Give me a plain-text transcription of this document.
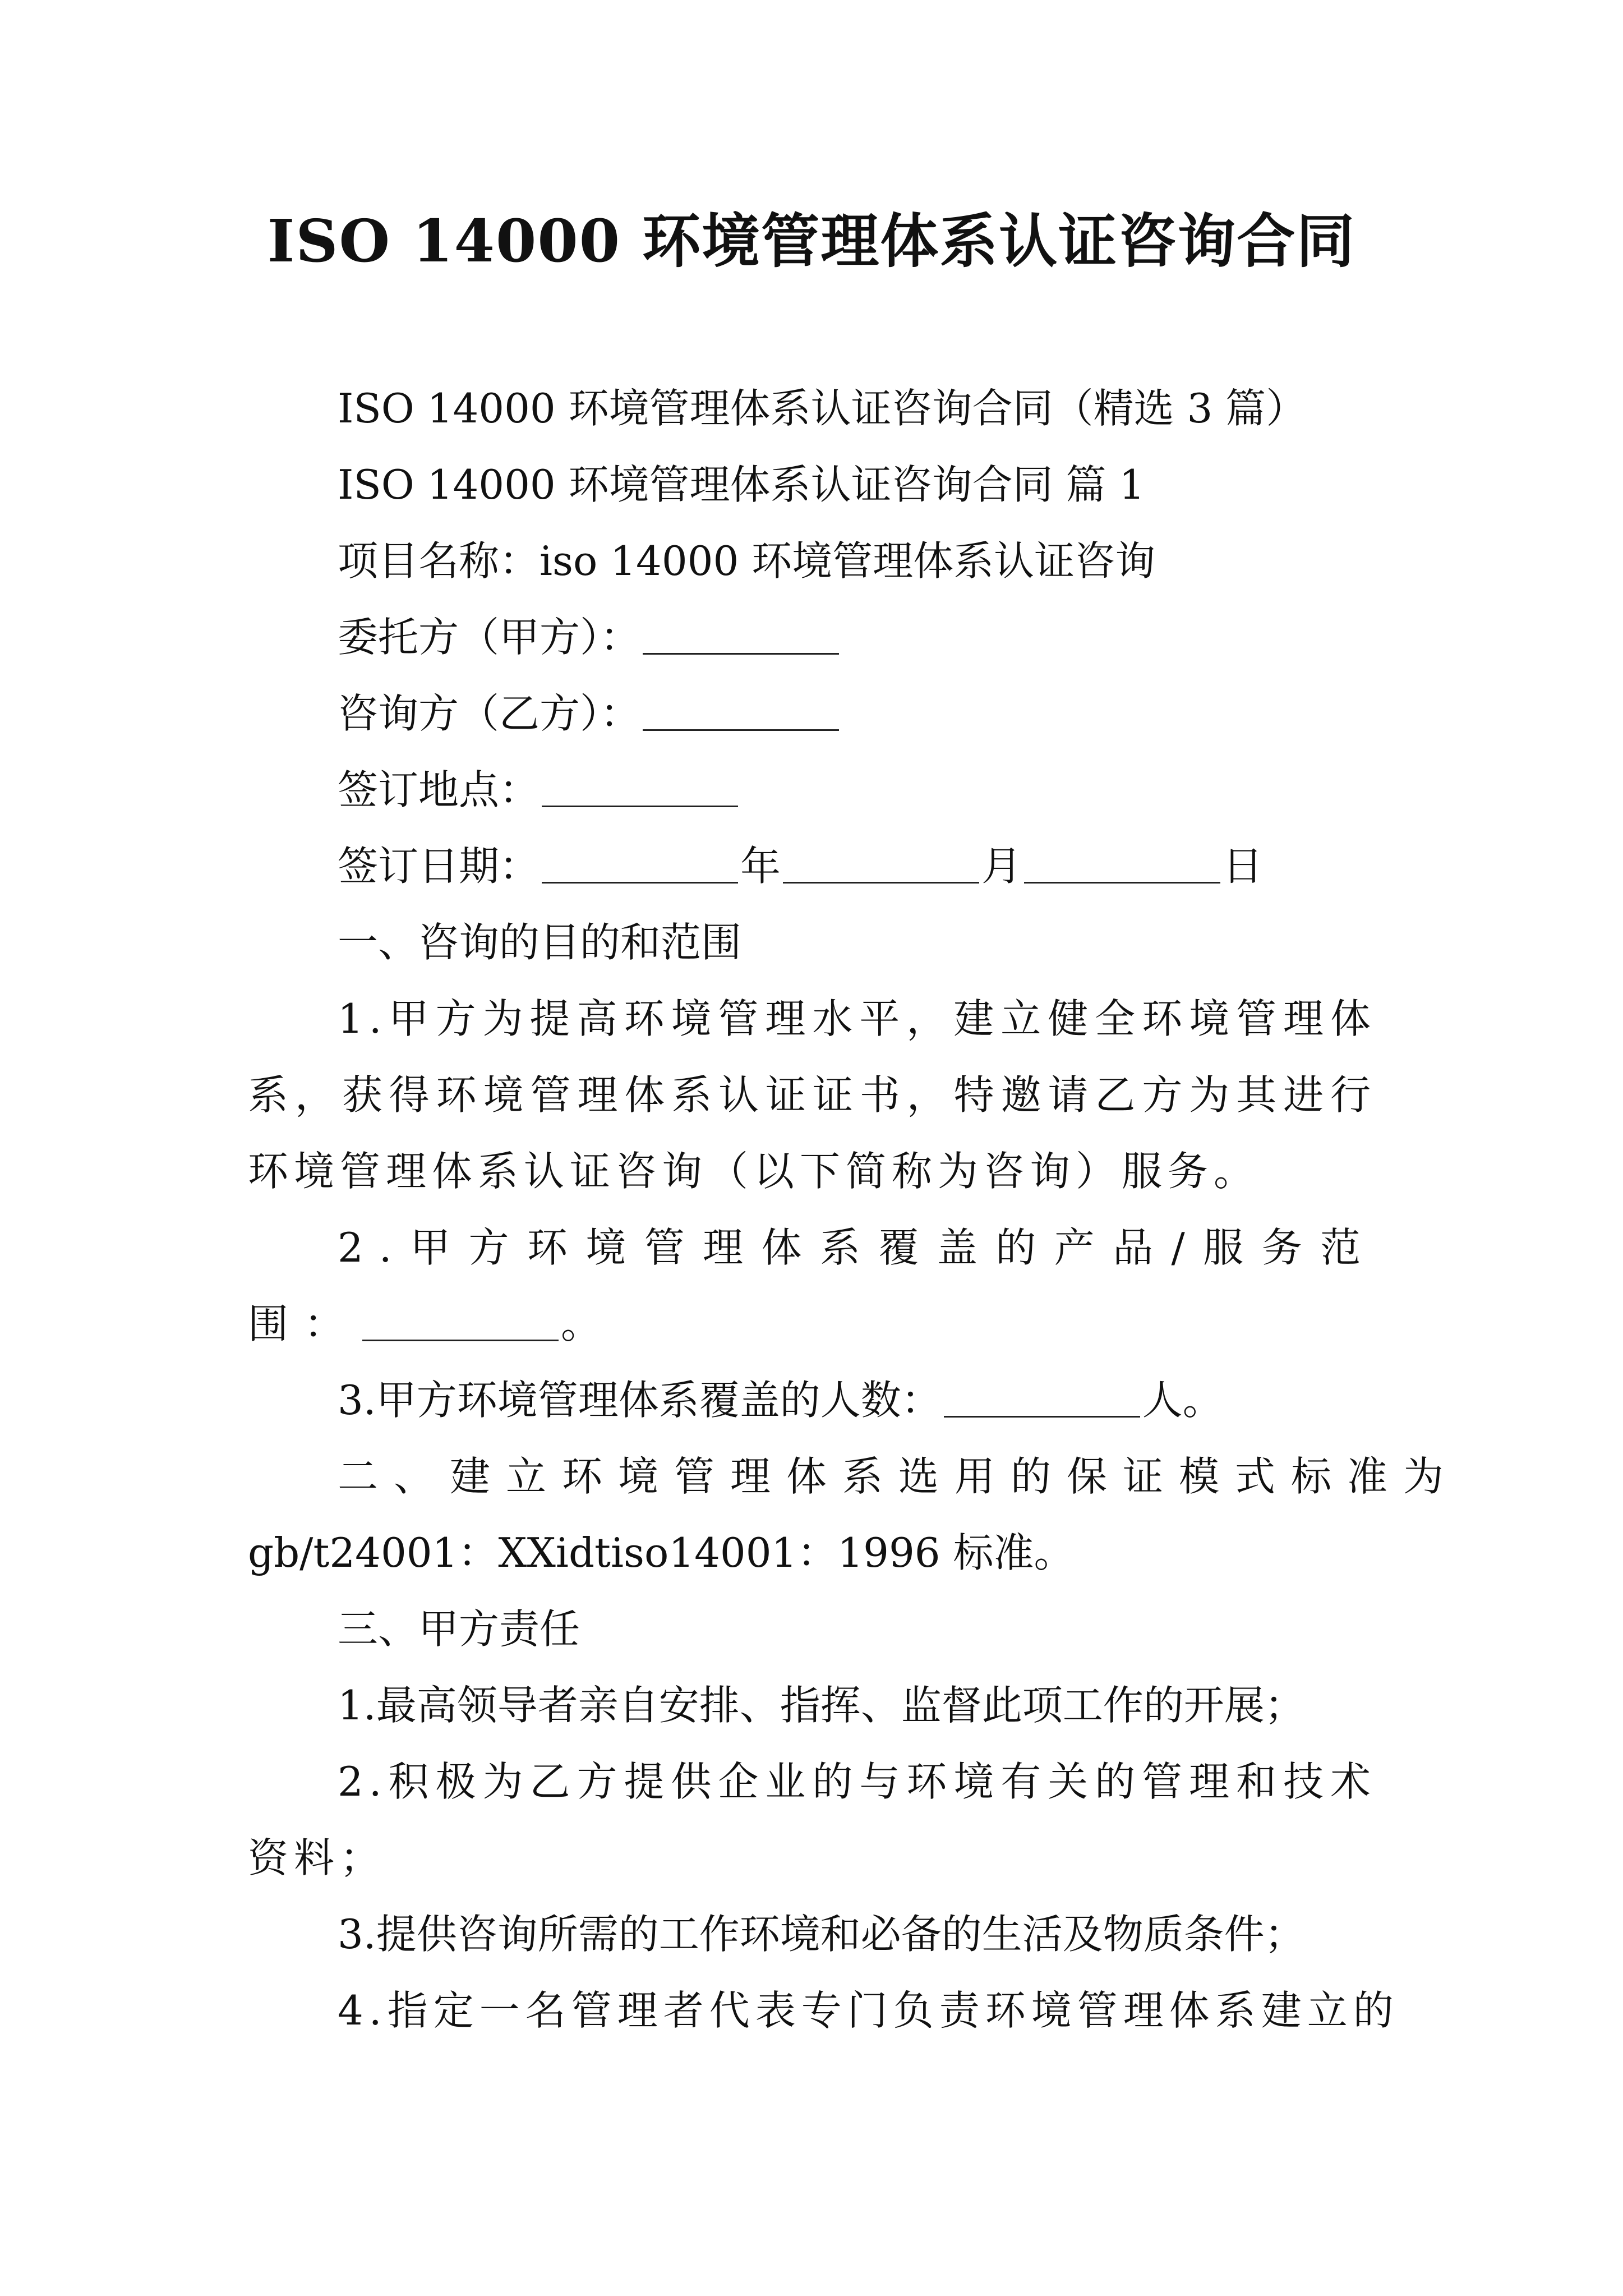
ISO 14000 环境管理体系认证咨询合同

ISO 14000 环境管理体系认证咨询合同（精选 3 篇）

ISO 14000 环境管理体系认证咨询合同 篇 1

项目名称：iso 14000 环境管理体系认证咨询

委托方（甲方）：

咨询方（乙方）：

签订地点：

签订日期：	年	月	日

一、咨询的目的和范围

1.甲方为提高环境管理水平，建立健全环境管理体系，获得环境管理体系认证证书，特邀请乙方为其进行环境管理体系认证咨询（以下简称为咨询）服务。

2.甲方环境管理体系覆盖的产品/服务范围：	。

3.甲方环境管理体系覆盖的人数：	人。

二、建立环境管理体系选用的保证模式标准为

gb/t24001：XXidtiso14001：1996 标准。

三、甲方责任

1.最高领导者亲自安排、指挥、监督此项工作的开展；

2.积极为乙方提供企业的与环境有关的管理和技术资料；

3.提供咨询所需的工作环境和必备的生活及物质条件；

4.指定一名管理者代表专门负责环境管理体系建立的
